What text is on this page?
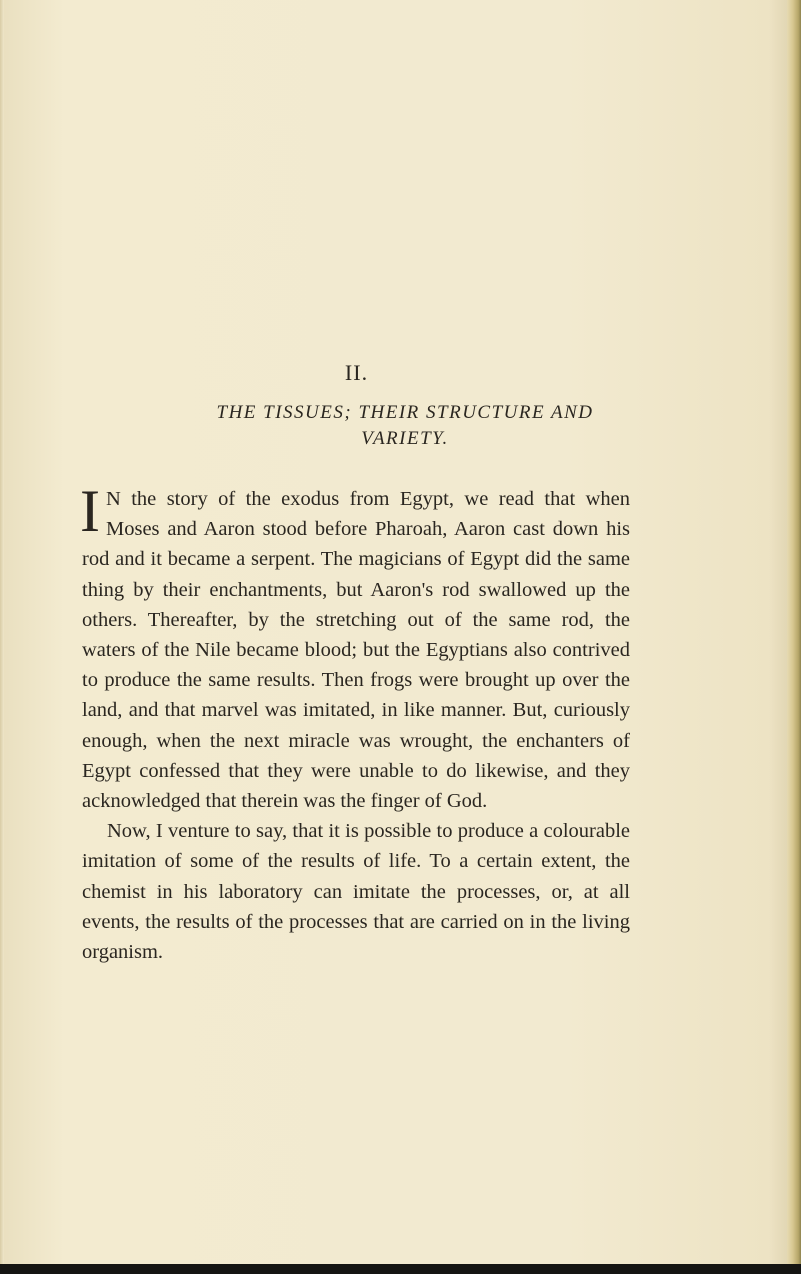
II.
THE TISSUES; THEIR STRUCTURE AND VARIETY.

I N the story of the exodus from Egypt, we read that when Moses and Aaron stood before Pharoah, Aaron cast down his rod and it became a serpent. The magicians of Egypt did the same thing by their enchantments, but Aaron's rod swallowed up the others. Thereafter, by the stretching out of the same rod, the waters of the Nile became blood; but the Egyptians also contrived to produce the same results. Then frogs were brought up over the land, and that marvel was imitated, in like manner. But, curiously enough, when the next miracle was wrought, the enchanters of Egypt confessed that they were unable to do likewise, and they acknowledged that therein was the finger of God.

Now, I venture to say, that it is possible to produce a colourable imitation of some of the results of life. To a certain extent, the chemist in his laboratory can imitate the processes, or, at all events, the results of the processes that are carried on in the living organism.
